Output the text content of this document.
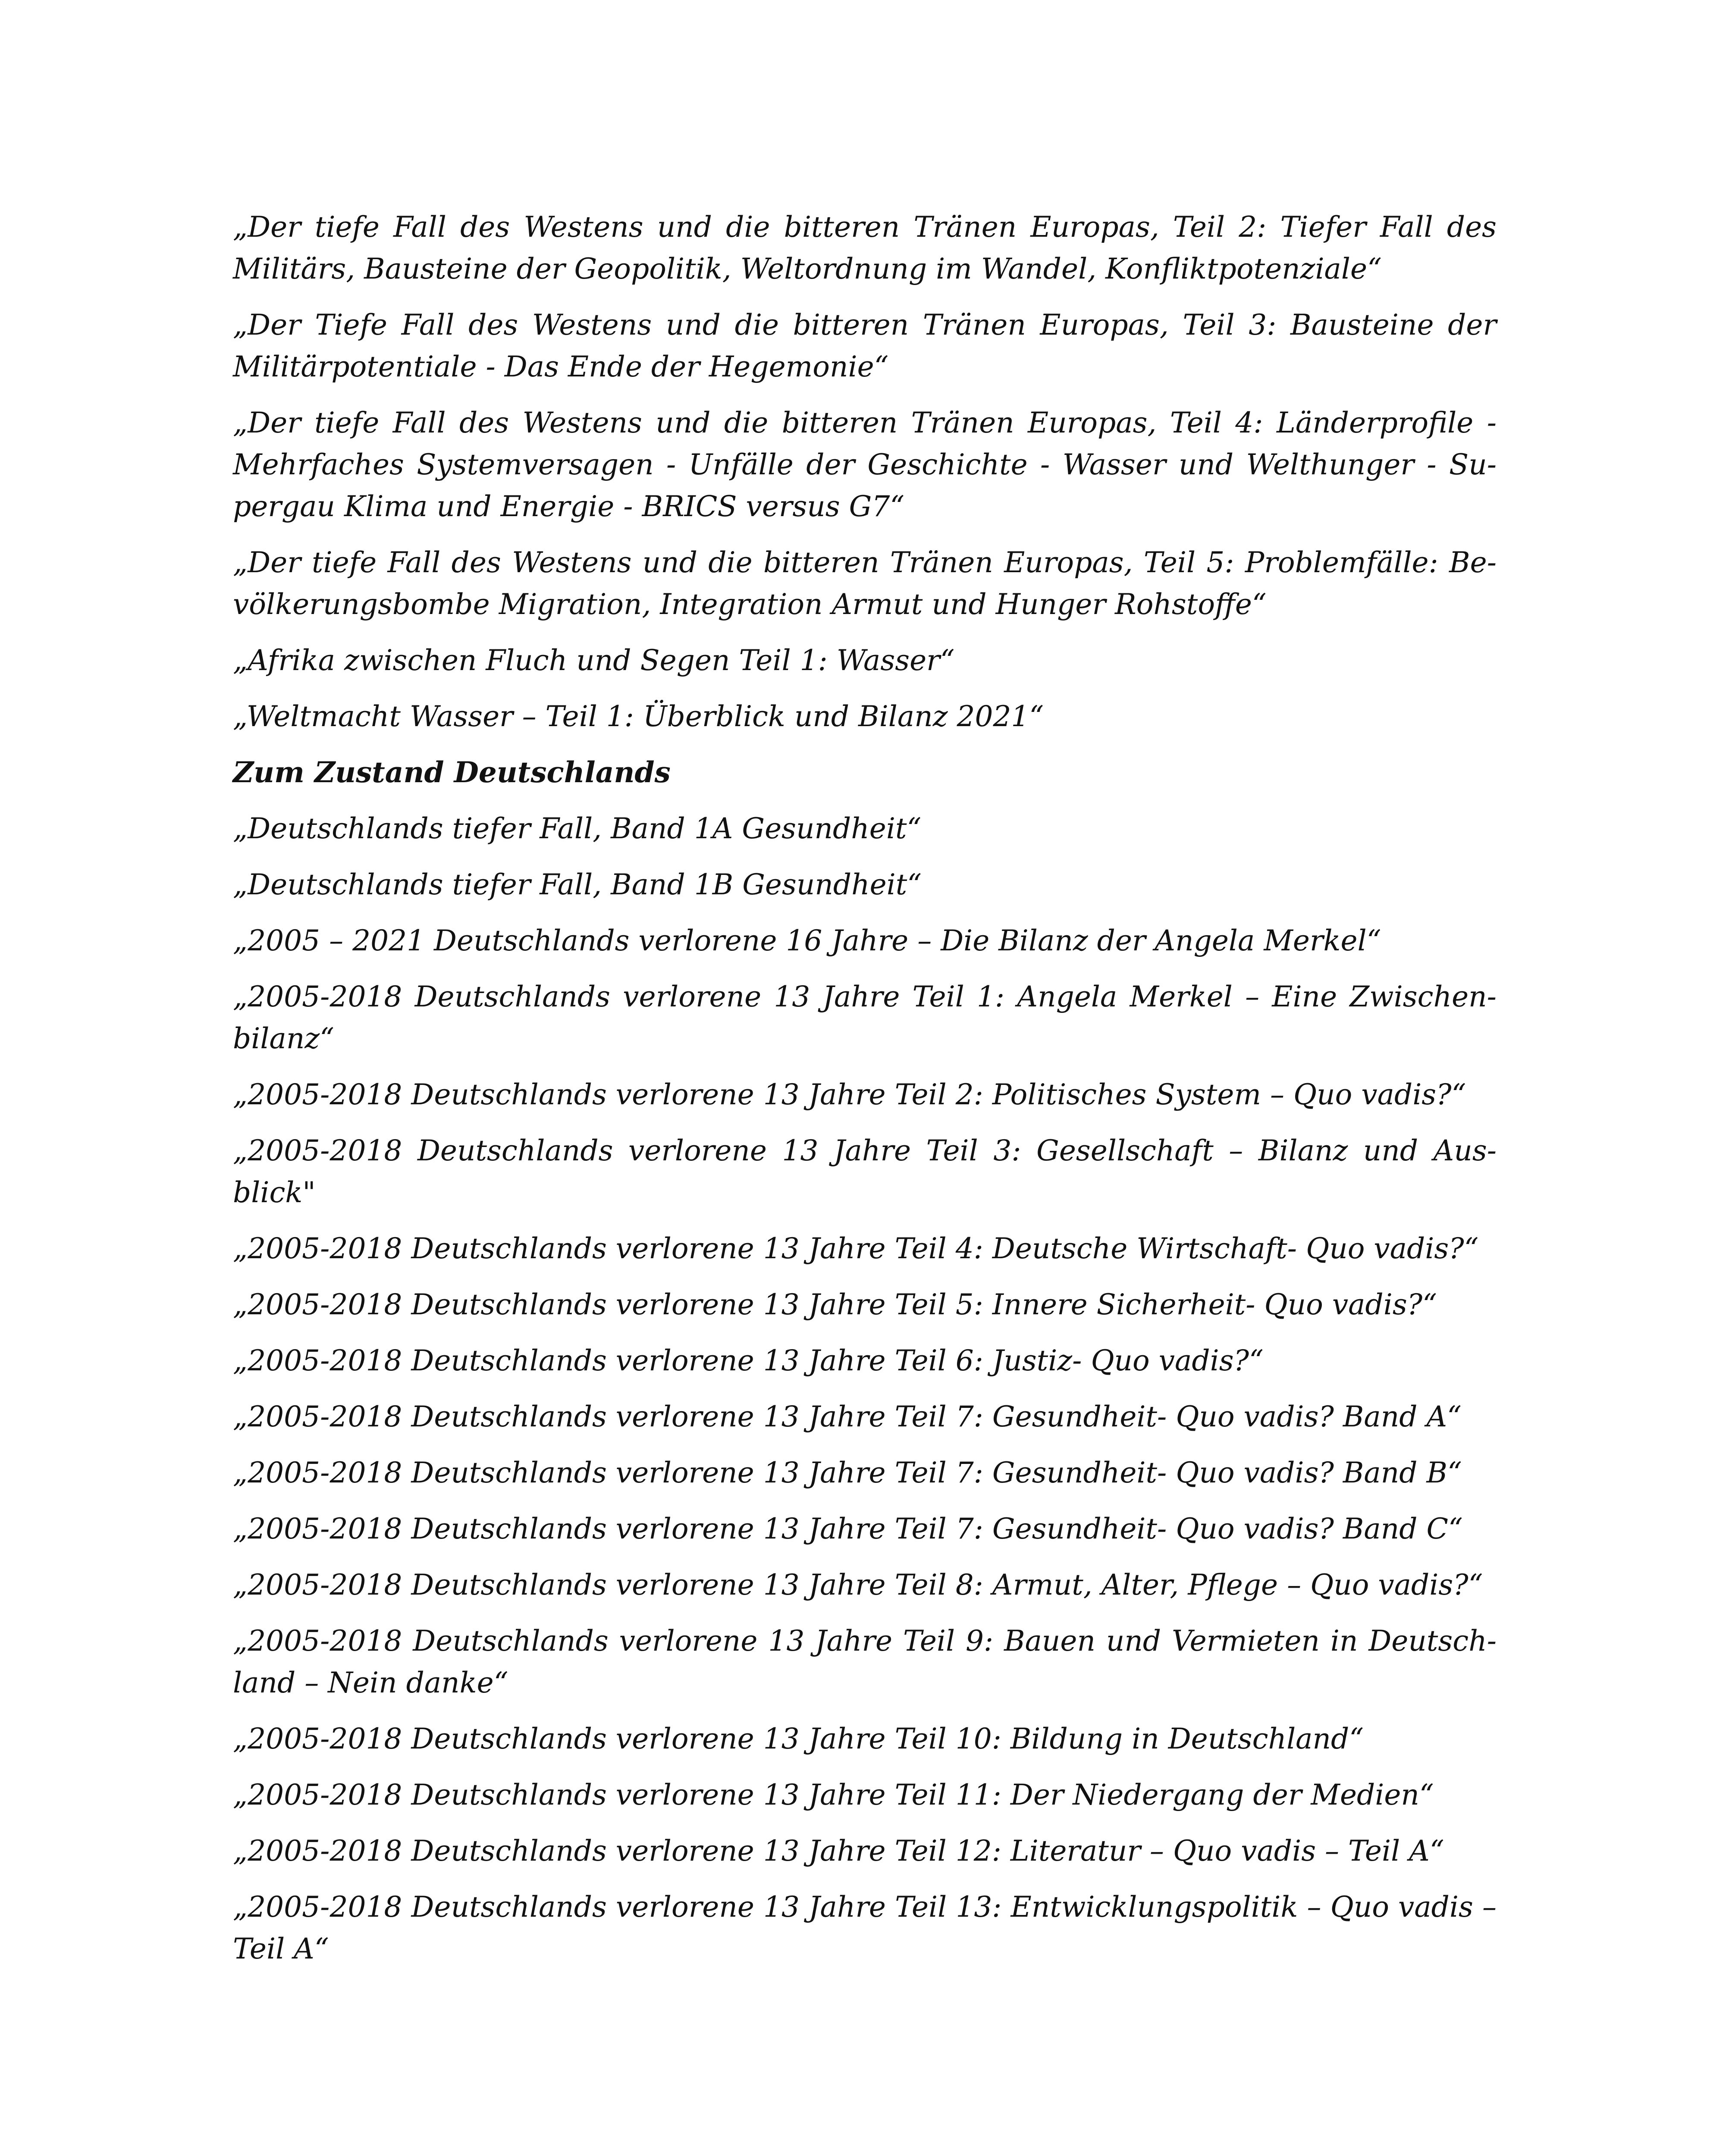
„Der tiefe Fall des Westens und die bitteren Tränen Europas, Teil 2: Tiefer Fall des Militärs, Bausteine der Geopolitik, Weltordnung im Wandel, Konfliktpotenziale“

„Der Tiefe Fall des Westens und die bitteren Tränen Europas, Teil 3: Bausteine der Militärpotentiale - Das Ende der Hegemonie“

„Der tiefe Fall des Westens und die bitteren Tränen Europas, Teil 4: Länderprofile - Mehrfaches Systemversagen - Unfälle der Geschichte - Wasser und Welthunger - Su-pergau Klima und Energie - BRICS versus G7“

„Der tiefe Fall des Westens und die bitteren Tränen Europas, Teil 5: Problemfälle: Be-völkerungsbombe Migration, Integration Armut und Hunger Rohstoffe“

„Afrika zwischen Fluch und Segen Teil 1: Wasser“

„Weltmacht Wasser – Teil 1: Überblick und Bilanz 2021“

Zum Zustand Deutschlands

„Deutschlands tiefer Fall, Band 1A Gesundheit“

„Deutschlands tiefer Fall, Band 1B Gesundheit“

„2005 – 2021 Deutschlands verlorene 16 Jahre – Die Bilanz der Angela Merkel“

„2005-2018 Deutschlands verlorene 13 Jahre Teil 1: Angela Merkel – Eine Zwischen-bilanz“

„2005-2018 Deutschlands verlorene 13 Jahre Teil 2: Politisches System – Quo vadis?“

„2005-2018 Deutschlands verlorene 13 Jahre Teil 3: Gesellschaft – Bilanz und Aus-blick"

„2005-2018 Deutschlands verlorene 13 Jahre Teil 4: Deutsche Wirtschaft- Quo vadis?“

„2005-2018 Deutschlands verlorene 13 Jahre Teil 5: Innere Sicherheit- Quo vadis?“

„2005-2018 Deutschlands verlorene 13 Jahre Teil 6: Justiz- Quo vadis?“

„2005-2018 Deutschlands verlorene 13 Jahre Teil 7: Gesundheit- Quo vadis? Band A“

„2005-2018 Deutschlands verlorene 13 Jahre Teil 7: Gesundheit- Quo vadis? Band B“

„2005-2018 Deutschlands verlorene 13 Jahre Teil 7: Gesundheit- Quo vadis? Band C“

„2005-2018 Deutschlands verlorene 13 Jahre Teil 8: Armut, Alter, Pflege – Quo vadis?“

„2005-2018 Deutschlands verlorene 13 Jahre Teil 9: Bauen und Vermieten in Deutsch-land – Nein danke“

„2005-2018 Deutschlands verlorene 13 Jahre Teil 10: Bildung in Deutschland“

„2005-2018 Deutschlands verlorene 13 Jahre Teil 11: Der Niedergang der Medien“

„2005-2018 Deutschlands verlorene 13 Jahre Teil 12: Literatur – Quo vadis – Teil A“

„2005-2018 Deutschlands verlorene 13 Jahre Teil 13: Entwicklungspolitik – Quo vadis – Teil A“
